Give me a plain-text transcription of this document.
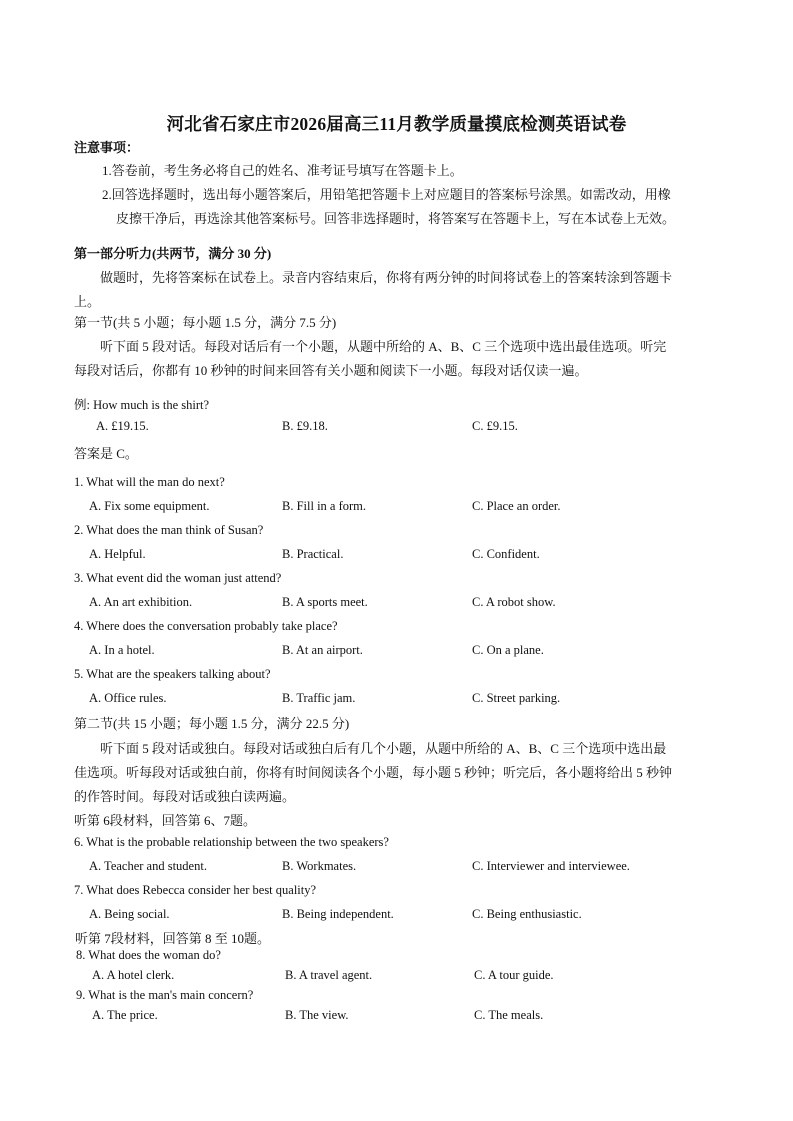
河北省石家庄市2026届高三11月教学质量摸底检测英语试卷
注意事项：
1.答卷前，考生务必将自己的姓名、准考证号填写在答题卡上。
2.回答选择题时，选出每小题答案后，用铅笔把答题卡上对应题目的答案标号涂黑。如需改动，用橡
皮擦干净后，再选涂其他答案标号。回答非选择题时，将答案写在答题卡上，写在本试卷上无效。
第一部分听力(共两节，满分 30 分)
做题时，先将答案标在试卷上。录音内容结束后，你将有两分钟的时间将试卷上的答案转涂到答题卡
上。
第一节(共 5 小题；每小题 1.5 分，满分 7.5 分)
听下面 5 段对话。每段对话后有一个小题，从题中所给的 A、B、C 三个选项中选出最佳选项。听完
每段对话后，你都有 10 秒钟的时间来回答有关小题和阅读下一小题。每段对话仅读一遍。
例: How much is the shirt?
A. £19.15.	B. £9.18.	C. £9.15.
答案是 C。
1. What will the man do next?
A. Fix some equipment.	B. Fill in a form.	C. Place an order.
2. What does the man think of Susan?
A. Helpful.	B. Practical.	C. Confident.
3. What event did the woman just attend?
A. An art exhibition.	B. A sports meet.	C. A robot show.
4. Where does the conversation probably take place?
A. In a hotel.	B. At an airport.	C. On a plane.
5. What are the speakers talking about?
A. Office rules.	B. Traffic jam.	C. Street parking.
第二节(共 15 小题；每小题 1.5 分，满分 22.5 分)
听下面 5 段对话或独白。每段对话或独白后有几个小题，从题中所给的 A、B、C 三个选项中选出最
佳选项。听每段对话或独白前，你将有时间阅读各个小题，每小题 5 秒钟；听完后，各小题将给出 5 秒钟
的作答时间。每段对话或独白读两遍。
听第 6段材料，回答第 6、7题。
6. What is the probable relationship between the two speakers?
A. Teacher and student.	B. Workmates.	C. Interviewer and interviewee.
7. What does Rebecca consider her best quality?
A. Being social.	B. Being independent.	C. Being enthusiastic.
听第 7段材料，回答第 8 至 10题。
8. What does the woman do?
A. A hotel clerk.	B. A travel agent.	C. A tour guide.
9. What is the man's main concern?
A. The price.	B. The view.	C. The meals.
